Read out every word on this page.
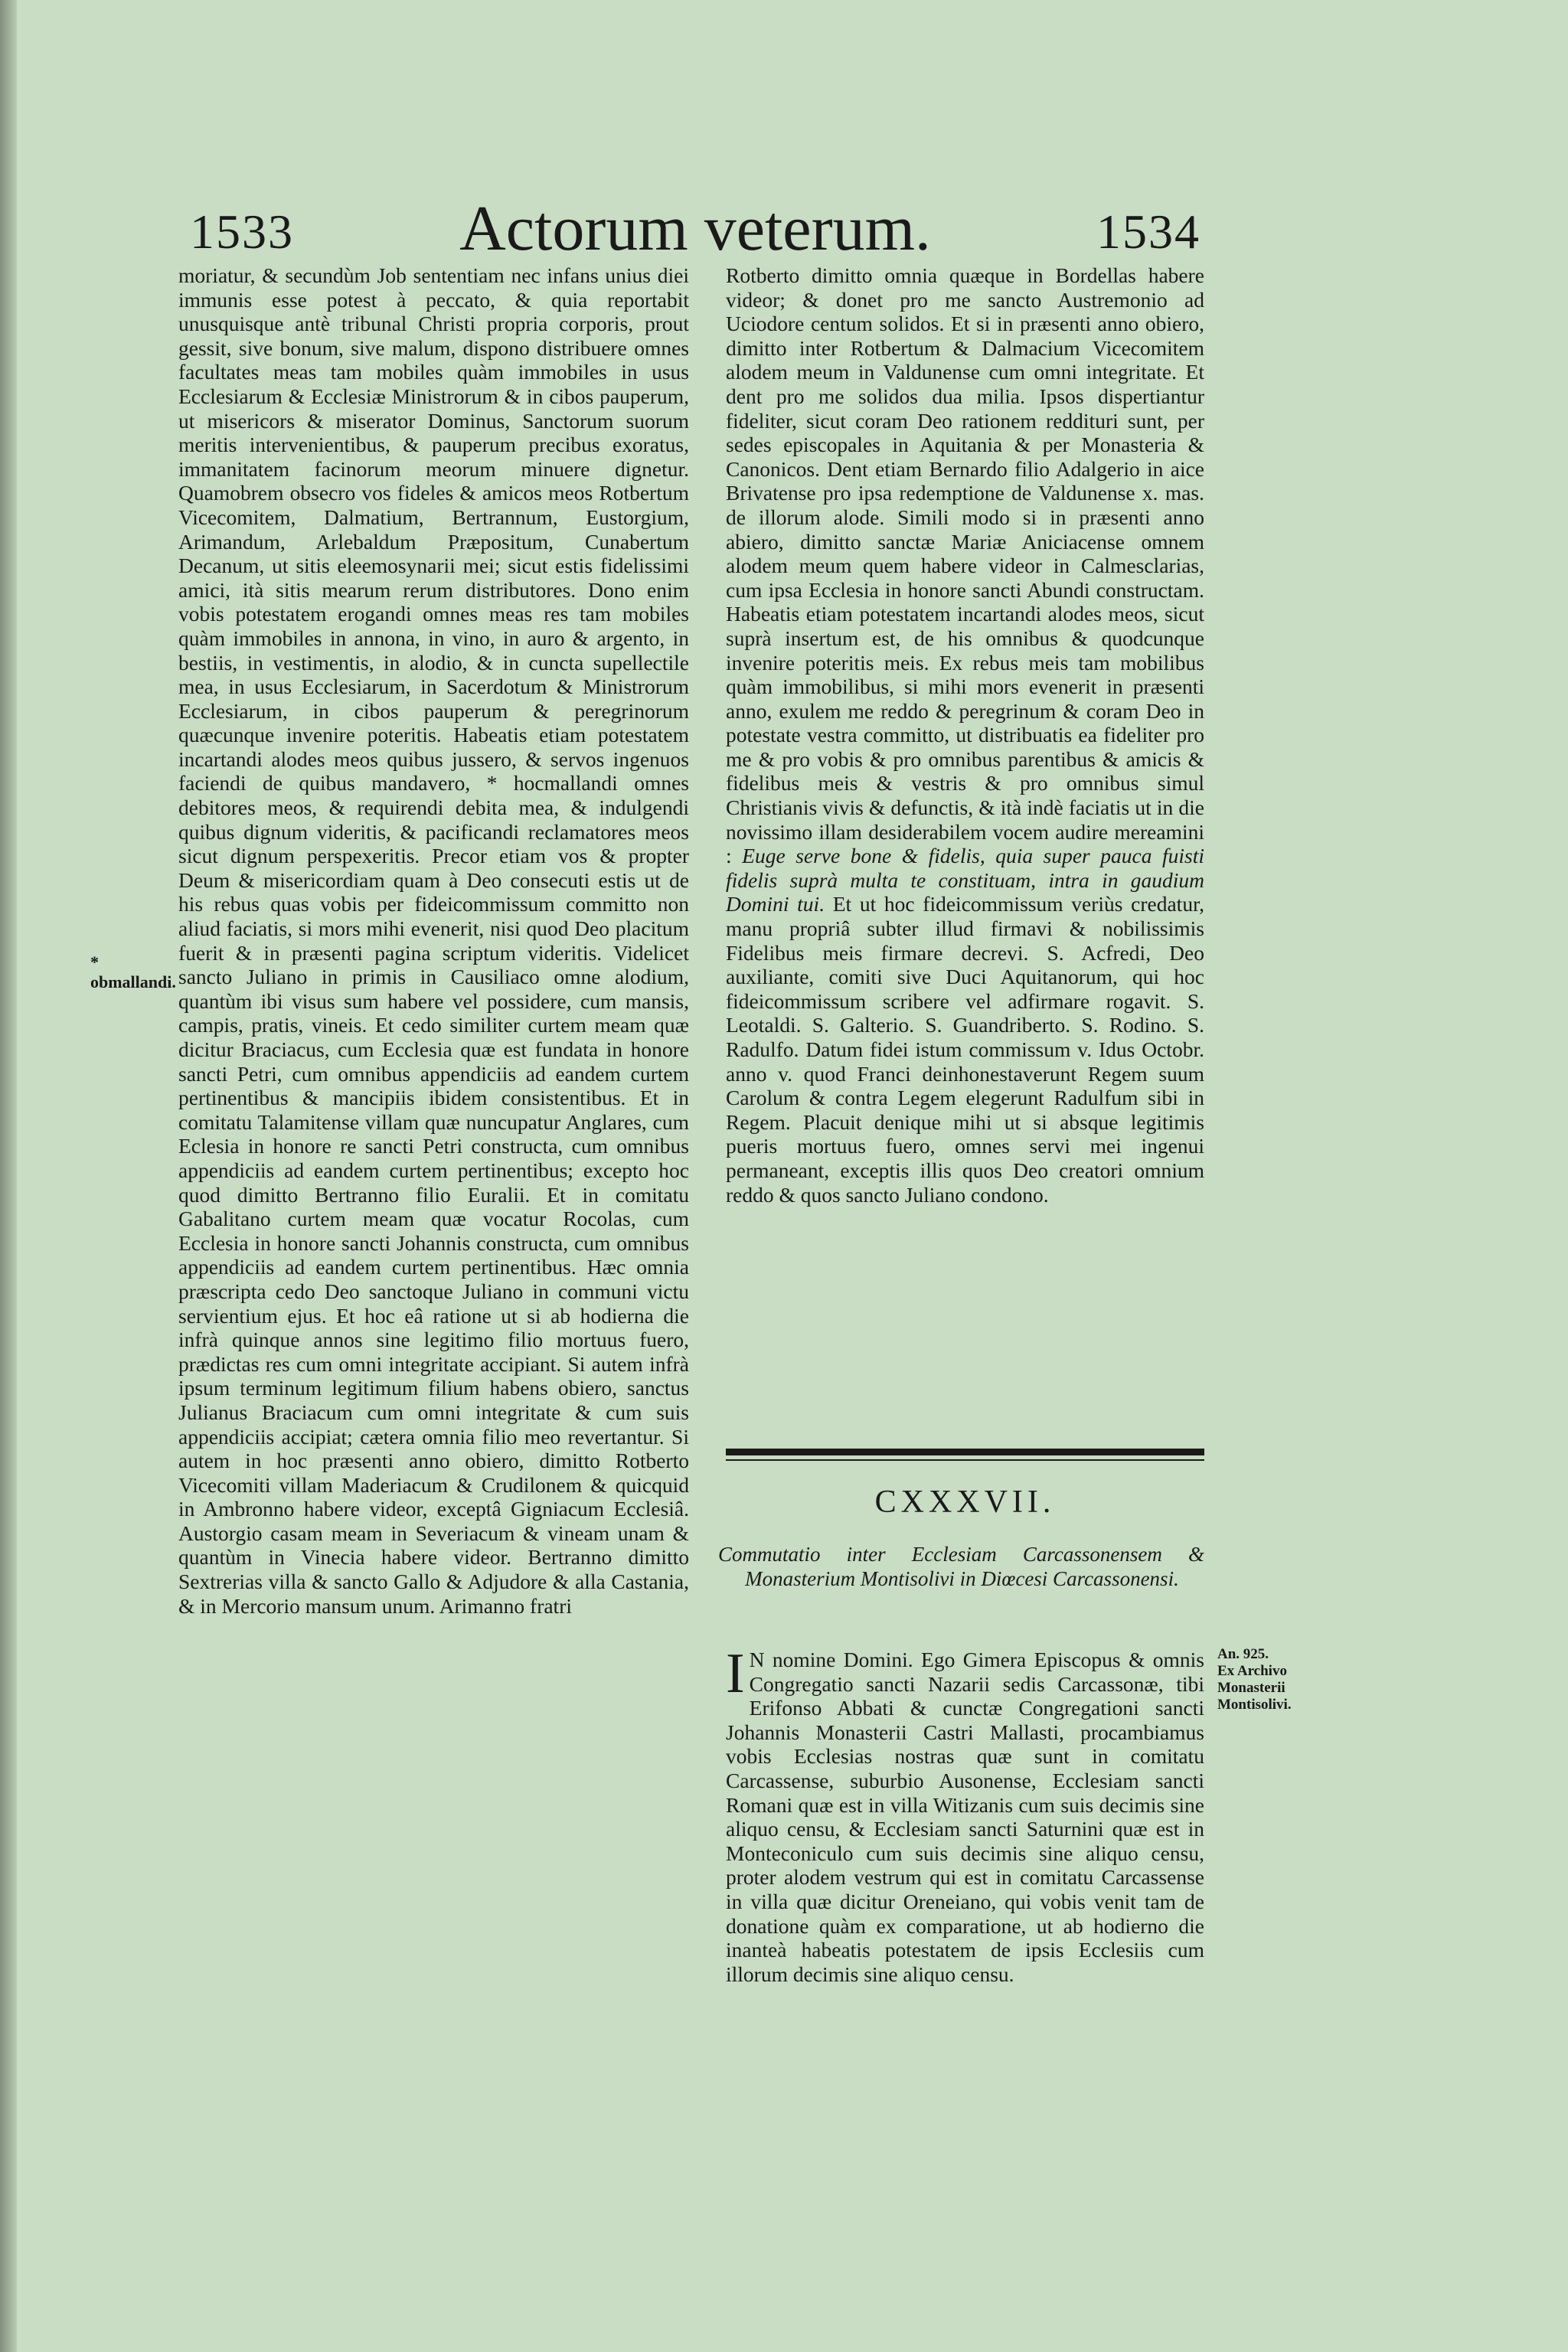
1533	Actorum veterum.	1534
* obmallandi.

moriatur, & secundùm Job sententiam nec infans unius diei immunis esse potest à peccato, & quia reportabit unusquisque antè tribunal Christi propria corporis, prout gessit, sive bonum, sive malum, dispono distribuere omnes facultates meas tam mobiles quàm immobiles in usus Ecclesiarum & Ecclesiæ Ministrorum & in cibos pauperum, ut misericors & miserator Dominus, Sanctorum suorum meritis intervenientibus, & pauperum precibus exoratus, immanitatem facinorum meorum minuere dignetur. Quamobrem obsecro vos fideles & amicos meos Rotbertum Vicecomitem, Dalmatium, Bertrannum, Eustorgium, Arimandum, Arlebaldum Præpositum, Cunabertum Decanum, ut sitis eleemosynarii mei; sicut estis fidelissimi amici, ità sitis mearum rerum distributores. Dono enim vobis potestatem erogandi omnes meas res tam mobiles quàm immobiles in annona, in vino, in auro & argento, in bestiis, in vestimentis, in alodio, & in cuncta supellectile mea, in usus Ecclesiarum, in Sacerdotum & Ministrorum Ecclesiarum, in cibos pauperum & peregrinorum quæcunque invenire poteritis. Habeatis etiam potestatem incartandi alodes meos quibus jussero, & servos ingenuos faciendi de quibus mandavero, * hocmallandi omnes debitores meos, & requirendi debita mea, & indulgendi quibus dignum videritis, & pacificandi reclamatores meos sicut dignum perspexeritis. Precor etiam vos & propter Deum & misericordiam quam à Deo consecuti estis ut de his rebus quas vobis per fideicommissum committo non aliud faciatis, si mors mihi evenerit, nisi quod Deo placitum fuerit & in præsenti pagina scriptum videritis. Videlicet sancto Juliano in primis in Causiliaco omne alodium, quantùm ibi visus sum habere vel possidere, cum mansis, campis, pratis, vineis. Et cedo similiter curtem meam quæ dicitur Braciacus, cum Ecclesia quæ est fundata in honore sancti Petri, cum omnibus appendiciis ad eandem curtem pertinentibus & mancipiis ibidem consistentibus. Et in comitatu Talamitense villam quæ nuncupatur Anglares, cum Eclesia in honore re sancti Petri constructa, cum omnibus appendiciis ad eandem curtem pertinentibus; excepto hoc quod dimitto Bertranno filio Euralii. Et in comitatu Gabalitano curtem meam quæ vocatur Rocolas, cum Ecclesia in honore sancti Johannis constructa, cum omnibus appendiciis ad eandem curtem pertinentibus. Hæc omnia præscripta cedo Deo sanctoque Juliano in communi victu servientium ejus. Et hoc eâ ratione ut si ab hodierna die infrà quinque annos sine legitimo filio mortuus fuero, prædictas res cum omni integritate accipiant. Si autem infrà ipsum terminum legitimum filium habens obiero, sanctus Julianus Braciacum cum omni integritate & cum suis appendiciis accipiat; cætera omnia filio meo revertantur. Si autem in hoc præsenti anno obiero, dimitto Rotberto Vicecomiti villam Maderiacum & Crudilonem & quicquid in Ambronno habere videor, exceptâ Gigniacum Ecclesiâ. Austorgio casam meam in Severiacum & vineam unam & quantùm in Vinecia habere videor. Bertranno dimitto Sextrerias villa & sancto Gallo & Adjudore & alla Castania, & in Mercorio mansum unum. Arimanno fratri

Rotberto dimitto omnia quæque in Bordellas habere videor; & donet pro me sancto Austremonio ad Uciodore centum solidos. Et si in præsenti anno obiero, dimitto inter Rotbertum & Dalmacium Vicecomitem alodem meum in Valdunense cum omni integritate. Et dent pro me solidos dua milia. Ipsos dispertiantur fideliter, sicut coram Deo rationem reddituri sunt, per sedes episcopales in Aquitania & per Monasteria & Canonicos. Dent etiam Bernardo filio Adalgerio in aice Brivatense pro ipsa redemptione de Valdunense x. mas. de illorum alode. Simili modo si in præsenti anno abiero, dimitto sanctæ Mariæ Aniciacense omnem alodem meum quem habere videor in Calmesclarias, cum ipsa Ecclesia in honore sancti Abundi constructam. Habeatis etiam potestatem incartandi alodes meos, sicut suprà insertum est, de his omnibus & quodcunque invenire poteritis meis. Ex rebus meis tam mobilibus quàm immobilibus, si mihi mors evenerit in præsenti anno, exulem me reddo & peregrinum & coram Deo in potestate vestra committo, ut distribuatis ea fideliter pro me & pro vobis & pro omnibus parentibus & amicis & fidelibus meis & vestris & pro omnibus simul Christianis vivis & defunctis, & ità indè faciatis ut in die novissimo illam desiderabilem vocem audire mereamini : Euge serve bone & fidelis, quia super pauca fuisti fidelis suprà multa te constituam, intra in gaudium Domini tui. Et ut hoc fideicommissum veriùs credatur, manu propriâ subter illud firmavi & nobilissimis Fidelibus meis firmare decrevi. S. Acfredi, Deo auxiliante, comiti sive Duci Aquitanorum, qui hoc fideicommissum scribere vel adfirmare rogavit. S. Leotaldi. S. Galterio. S. Guandriberto. S. Rodino. S. Radulfo. Datum fidei istum commissum v. Idus Octobr. anno v. quod Franci deinhonestaverunt Regem suum Carolum & contra Legem elegerunt Radulfum sibi in Regem. Placuit denique mihi ut si absque legitimis pueris mortuus fuero, omnes servi mei ingenui permaneant, exceptis illis quos Deo creatori omnium reddo & quos sancto Juliano condono.

CXXXVII.

Commutatio inter Ecclesiam Carcassonensem & Monasterium Montisolivi in Diœcesi Carcassonensi.

I N nomine Domini. Ego Gimera Episcopus & omnis Congregatio sancti Nazarii sedis Carcassonæ, tibi Erifonso Abbati & cunctæ Congregationi sancti Johannis Monasterii Castri Mallasti, procambiamus vobis Ecclesias nostras quæ sunt in comitatu Carcassense, suburbio Ausonense, Ecclesiam sancti Romani quæ est in villa Witizanis cum suis decimis sine aliquo censu, & Ecclesiam sancti Saturnini quæ est in Monteconiculo cum suis decimis sine aliquo censu, proter alodem vestrum qui est in comitatu Carcassense in villa quæ dicitur Oreneiano, qui vobis venit tam de donatione quàm ex comparatione, ut ab hodierno die inanteà habeatis potestatem de ipsis Ecclesiis cum illorum decimis sine aliquo censu.

An. 925.
Ex Archivo Monasterii Montisolivi.
